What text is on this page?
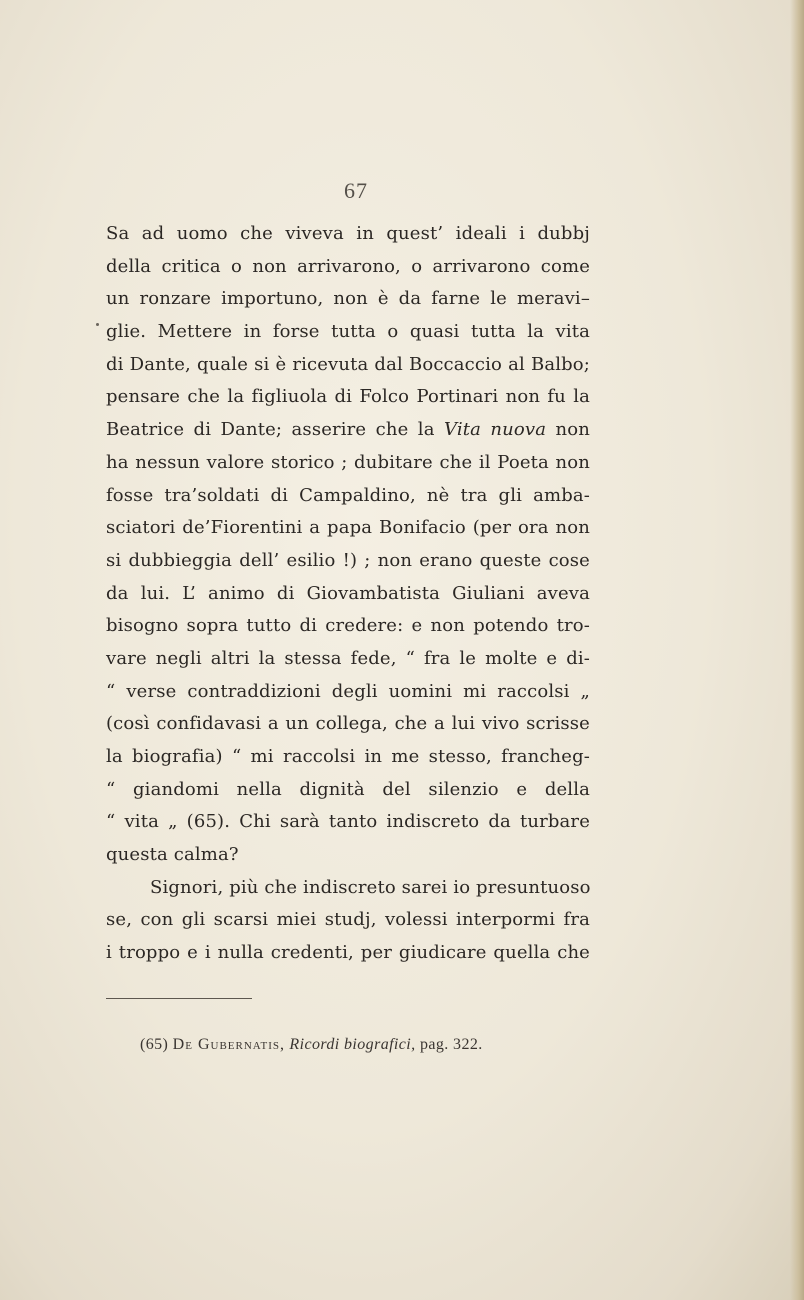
67
Sa ad uomo che viveva in quest’ ideali i dubbj
della critica o non arrivarono, o arrivarono come
un ronzare importuno, non è da farne le meravi–
glie. Mettere in forse tutta o quasi tutta la vita
di Dante, quale si è ricevuta dal Boccaccio al Balbo;
pensare che la figliuola di Folco Portinari non fu la
Beatrice di Dante; asserire che la Vita nuova non
ha nessun valore storico ; dubitare che il Poeta non
fosse tra’soldati di Campaldino, nè tra gli amba-
sciatori de’Fiorentini a papa Bonifacio (per ora non
si dubbieggia dell’ esilio !) ; non erano queste cose
da lui. L’ animo di Giovambatista Giuliani aveva
bisogno sopra tutto di credere: e non potendo tro-
vare negli altri la stessa fede, “ fra le molte e di-
“ verse contraddizioni degli uomini mi raccolsi „
(così confidavasi a un collega, che a lui vivo scrisse
la biografia) “ mi raccolsi in me stesso, francheg-
“ giandomi nella dignità del silenzio e della
“ vita „ (65). Chi sarà tanto indiscreto da turbare
questa calma?
Signori, più che indiscreto sarei io presuntuoso
se, con gli scarsi miei studj, volessi interpormi fra
i troppo e i nulla credenti, per giudicare quella che
(65) De Gubernatis, Ricordi biografici, pag. 322.
